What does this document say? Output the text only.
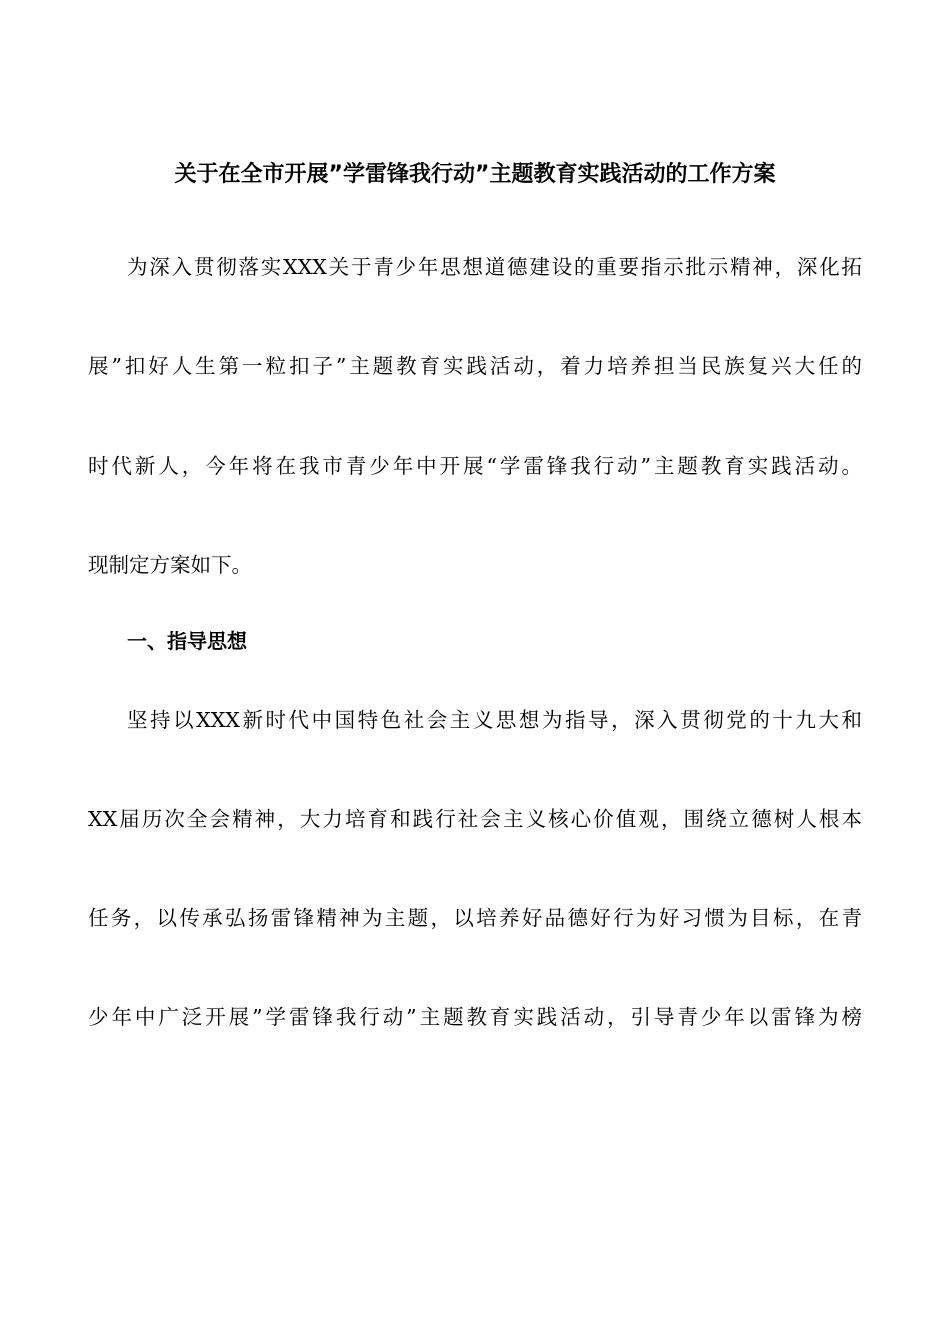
关于在全市开展”学雷锋我行动”主题教育实践活动的工作方案

为深入贯彻落实XXX关于青少年思想道德建设的重要指示批示精神，深化拓

展”扣好人生第一粒扣子”主题教育实践活动，着力培养担当民族复兴大任的

时代新人，今年将在我市青少年中开展“学雷锋我行动”主题教育实践活动。

现制定方案如下。

一、指导思想

坚持以XXX新时代中国特色社会主义思想为指导，深入贯彻党的十九大和

XX届历次全会精神，大力培育和践行社会主义核心价值观，围绕立德树人根本

任务，以传承弘扬雷锋精神为主题，以培养好品德好行为好习惯为目标，在青

少年中广泛开展”学雷锋我行动”主题教育实践活动，引导青少年以雷锋为榜
